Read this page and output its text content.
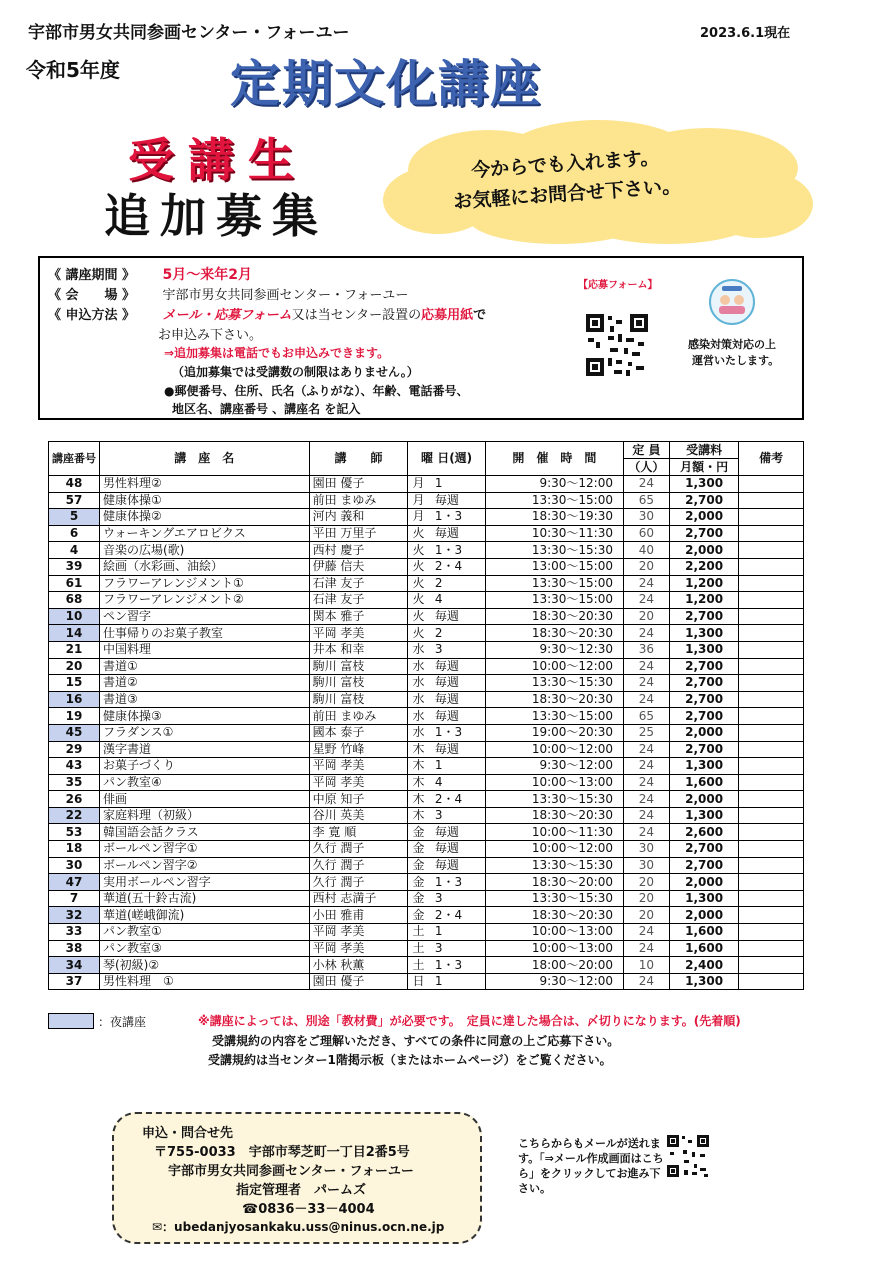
宇部市男女共同参画センター・フォーユー	2023.6.1現在
令和5年度 定期文化講座
受講生
追加募集
今からでも入れます。
お気軽にお問合せ下さい。
《 講座期間 》 5月～来年2月
《 会　　場 》 宇部市男女共同参画センター・フォーユー
《 申込方法 》 メール・応募フォーム又は当センター設置の応募用紙で
お申込み下さい。
⇒追加募集は電話でもお申込みできます。
（追加募集では受講数の制限はありません。）
●郵便番号、住所、氏名（ふりがな）、年齢、電話番号、
地区名、講座番号 、講座名 を記入
【応募フォーム】
感染対策対応の上
運営いたします。
講座番号	講　座　名	講　　師	曜 日(週)		開　催　時　間	定 員	受講料	備考
						（人）	月額・円	
48	男性料理②	園田 優子	月	1	9:30～12:00	24	1,300	
57	健康体操①	前田 まゆみ	月	毎週	13:30～15:00	65	2,700	
5	健康体操②	河内 義和	月	1・3	18:30～19:30	30	2,000	
6	ウォーキングエアロビクス	平田 万里子	火	毎週	10:30～11:30	60	2,700	
4	音楽の広場(歌)	西村 慶子	火	1・3	13:30～15:30	40	2,000	
39	絵画（水彩画、油絵）	伊藤 信夫	火	2・4	13:00～15:00	20	2,200	
61	フラワーアレンジメント①	石津 友子	火	2	13:30～15:00	24	1,200	
68	フラワーアレンジメント②	石津 友子	火	4	13:30～15:00	24	1,200	
10	ペン習字	関本 雅子	火	毎週	18:30～20:30	20	2,700	
14	仕事帰りのお菓子教室	平岡 孝美	火	2	18:30～20:30	24	1,300	
21	中国料理	井本 和幸	水	3	9:30～12:30	36	1,300	
20	書道①	駒川 富枝	水	毎週	10:00～12:00	24	2,700	
15	書道②	駒川 富枝	水	毎週	13:30～15:30	24	2,700	
16	書道③	駒川 富枝	水	毎週	18:30～20:30	24	2,700	
19	健康体操③	前田 まゆみ	水	毎週	13:30～15:00	65	2,700	
45	フラダンス①	國本 泰子	水	1・3	19:00～20:30	25	2,000	
29	漢字書道	星野 竹峰	木	毎週	10:00～12:00	24	2,700	
43	お菓子づくり	平岡 孝美	木	1	9:30～12:00	24	1,300	
35	パン教室④	平岡 孝美	木	4	10:00～13:00	24	1,600	
26	俳画	中原 知子	木	2・4	13:30～15:30	24	2,000	
22	家庭料理（初級）	谷川 英美	木	3	18:30～20:30	24	1,300	
53	韓国語会話クラス	李 寛 順	金	毎週	10:00～11:30	24	2,600	
18	ボールペン習字①	久行 潤子	金	毎週	10:00～12:00	30	2,700	
30	ボールペン習字②	久行 潤子	金	毎週	13:30～15:30	30	2,700	
47	実用ボールペン習字	久行 潤子	金	1・3	18:30～20:00	20	2,000	
7	華道(五十鈴古流)	西村 志満子	金	3	13:30～15:30	20	1,300	
32	華道(嵯峨御流)	小田 雅甫	金	2・4	18:30～20:30	20	2,000	
33	パン教室①	平岡 孝美	土	1	10:00～13:00	24	1,600	
38	パン教室③	平岡 孝美	土	3	10:00～13:00	24	1,600	
34	琴(初級)②	小林 秋薫	土	1・3	18:00～20:00	10	2,400	
37	男性料理　①	園田 優子	日	1	9:30～12:00	24	1,300	
：夜講座	※講座によっては、別途「教材費」が必要です。　定員に達した場合は、〆切りになります。(先着順)
受講規約の内容をご理解いただき、すべての条件に同意の上ご応募下さい。
受講規約は当センター1階掲示板（またはホームページ）をご覧ください。
申込・問合せ先
〒755-0033　宇部市琴芝町一丁目2番5号
宇部市男女共同参画センター・フォーユー
指定管理者　パームズ
☎0836－33－4004
✉：ubedanjyosankaku.uss@ninus.ocn.ne.jp
こちらからもメールが送れます。「⇒メール作成画面はこちら」をクリックしてお進み下さい。
